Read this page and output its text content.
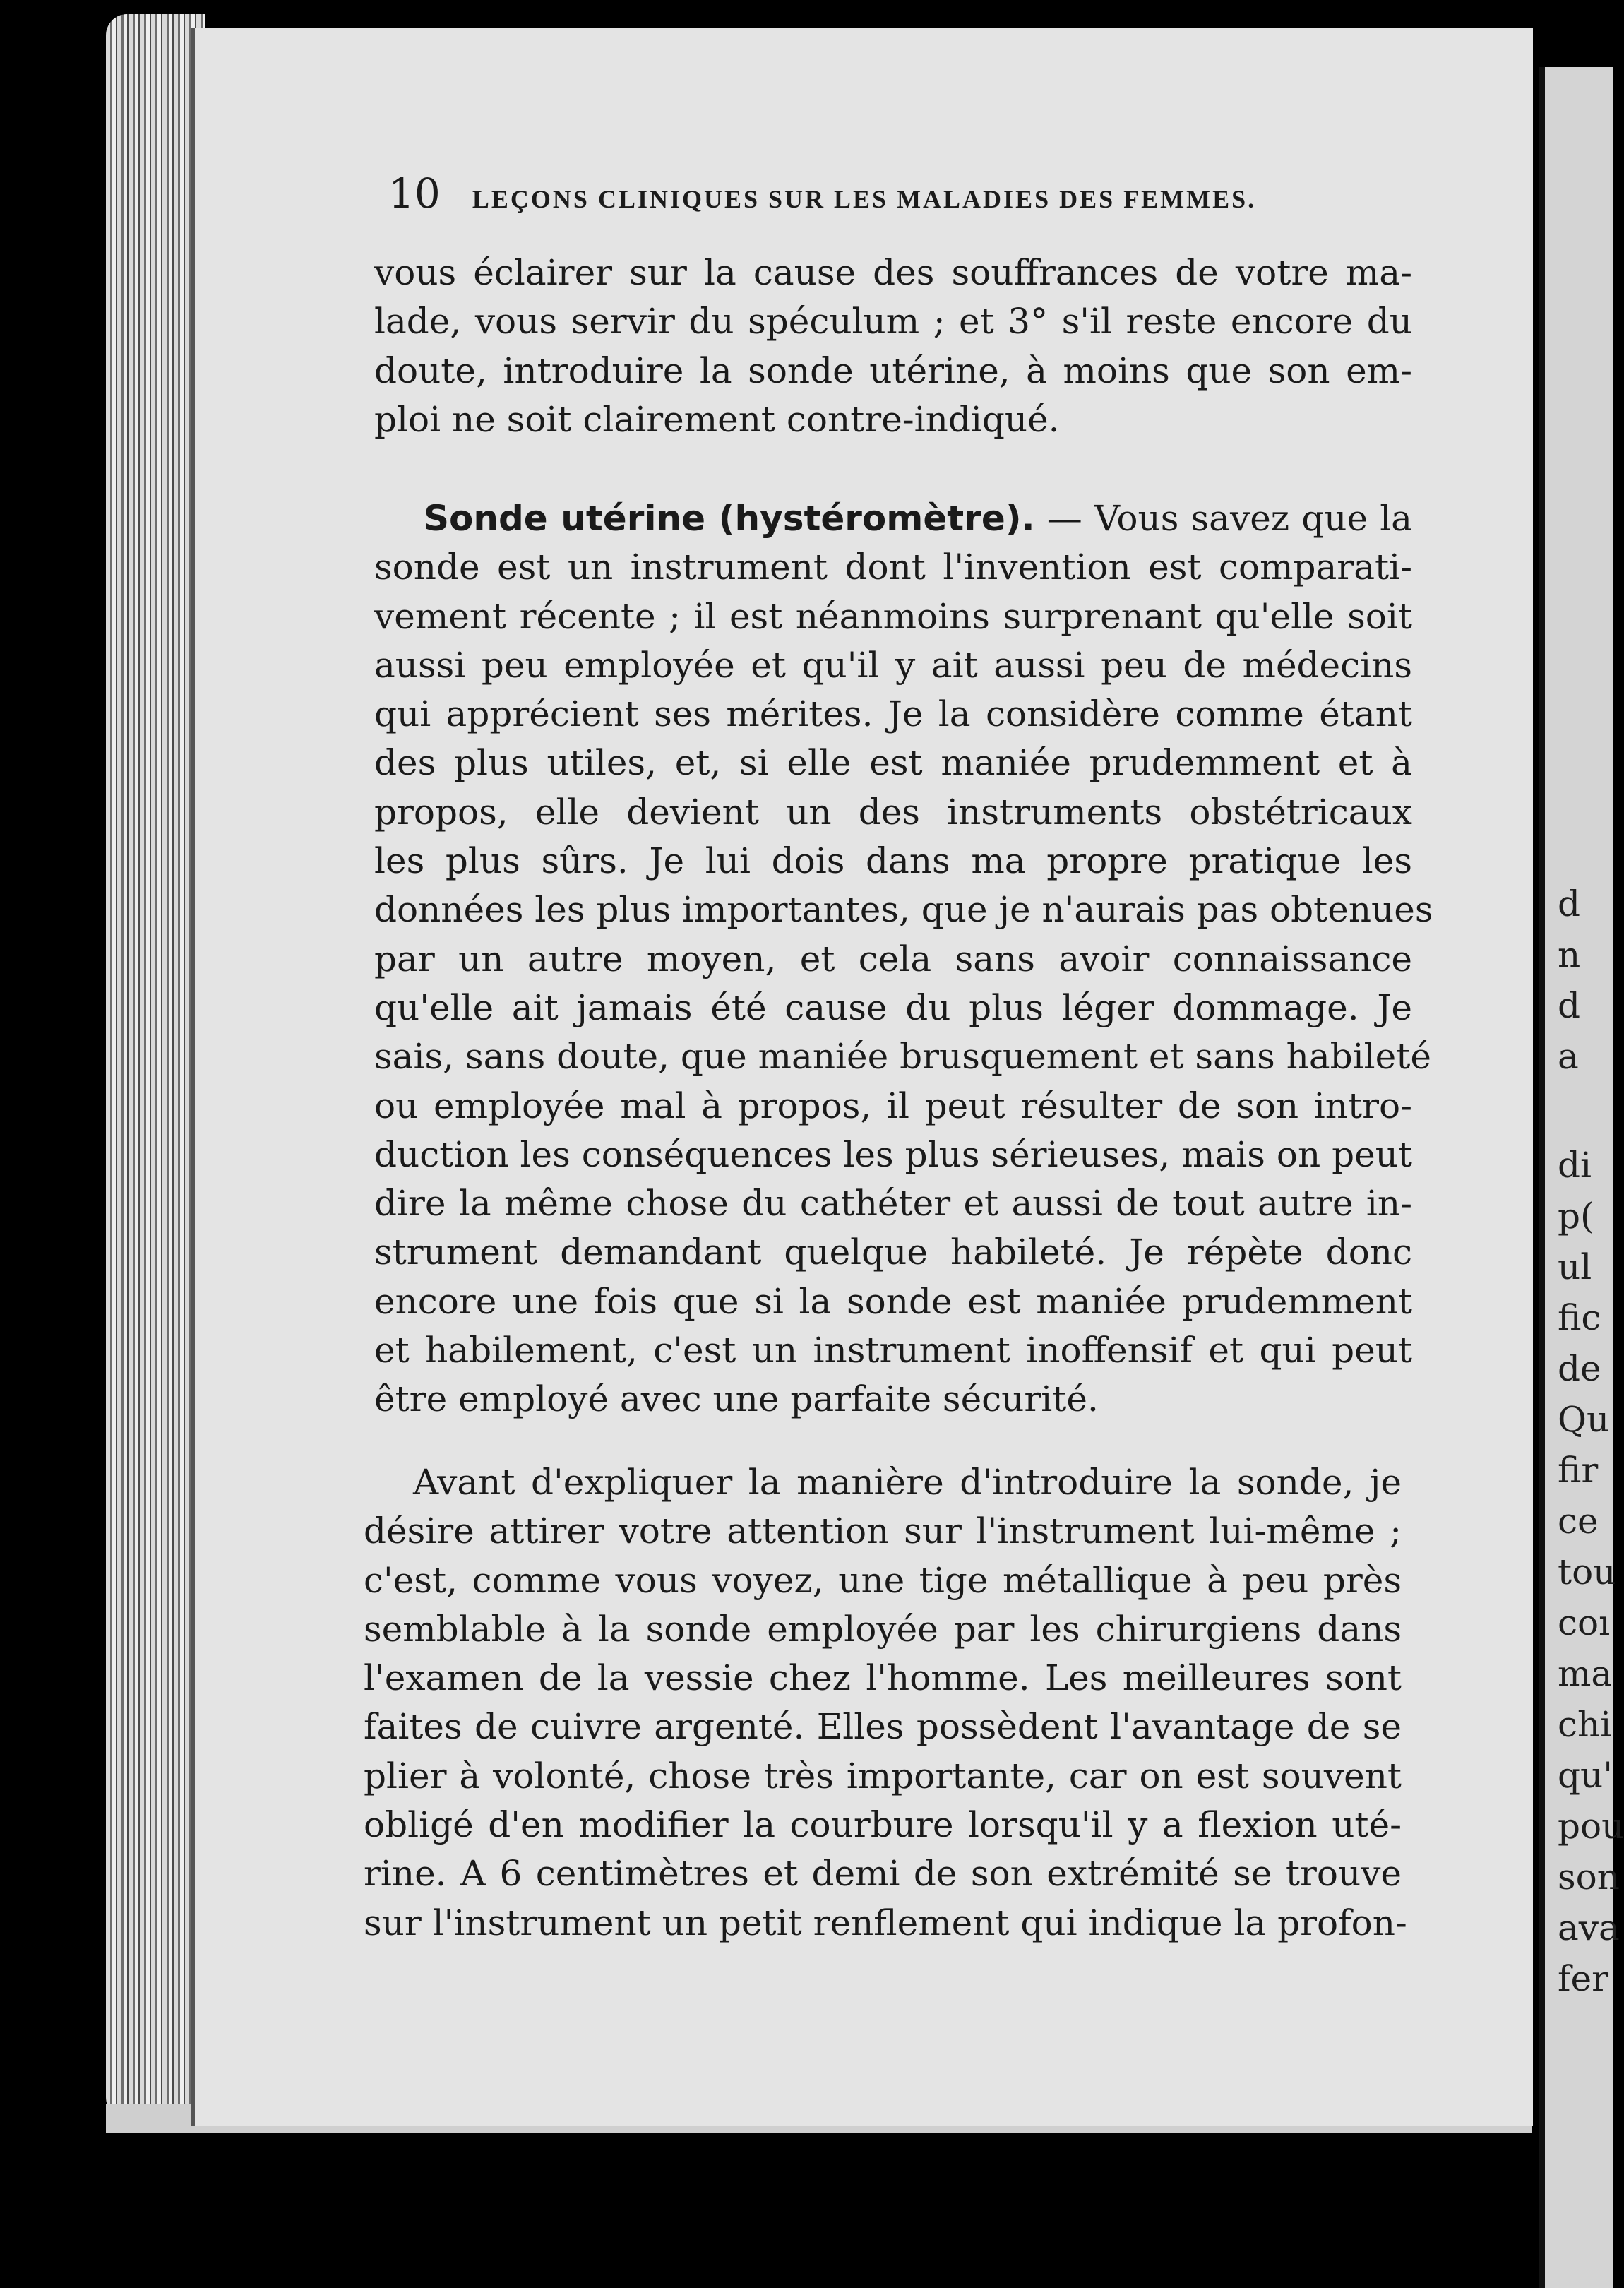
10 LEÇONS CLINIQUES SUR LES MALADIES DES FEMMES.
vous éclairer sur la cause des souffrances de votre ma-
lade, vous servir du spéculum ; et 3° s'il reste encore du
doute, introduire la sonde utérine, à moins que son em-
ploi ne soit clairement contre-indiqué.
Sonde utérine (hystéromètre). — Vous savez que la
sonde est un instrument dont l'invention est comparati-
vement récente ; il est néanmoins surprenant qu'elle soit
aussi peu employée et qu'il y ait aussi peu de médecins
qui apprécient ses mérites. Je la considère comme étant
des plus utiles, et, si elle est maniée prudemment et à
propos, elle devient un des instruments obstétricaux
les plus sûrs. Je lui dois dans ma propre pratique les
données les plus importantes, que je n'aurais pas obtenues
par un autre moyen, et cela sans avoir connaissance
qu'elle ait jamais été cause du plus léger dommage. Je
sais, sans doute, que maniée brusquement et sans habileté
ou employée mal à propos, il peut résulter de son intro-
duction les conséquences les plus sérieuses, mais on peut
dire la même chose du cathéter et aussi de tout autre in-
strument demandant quelque habileté. Je répète donc
encore une fois que si la sonde est maniée prudemment
et habilement, c'est un instrument inoffensif et qui peut
être employé avec une parfaite sécurité.
Avant d'expliquer la manière d'introduire la sonde, je
désire attirer votre attention sur l'instrument lui-même ;
c'est, comme vous voyez, une tige métallique à peu près
semblable à la sonde employée par les chirurgiens dans
l'examen de la vessie chez l'homme. Les meilleures sont
faites de cuivre argenté. Elles possèdent l'avantage de se
plier à volonté, chose très importante, car on est souvent
obligé d'en modifier la courbure lorsqu'il y a flexion uté-
rine. A 6 centimètres et demi de son extrémité se trouve
sur l'instrument un petit renflement qui indique la profon-
d
n
d
a
di
p(
ul
fic
de
Qu
fir
ce
tou
coı
ma
chi
qu'
pou
son
ava
fer
